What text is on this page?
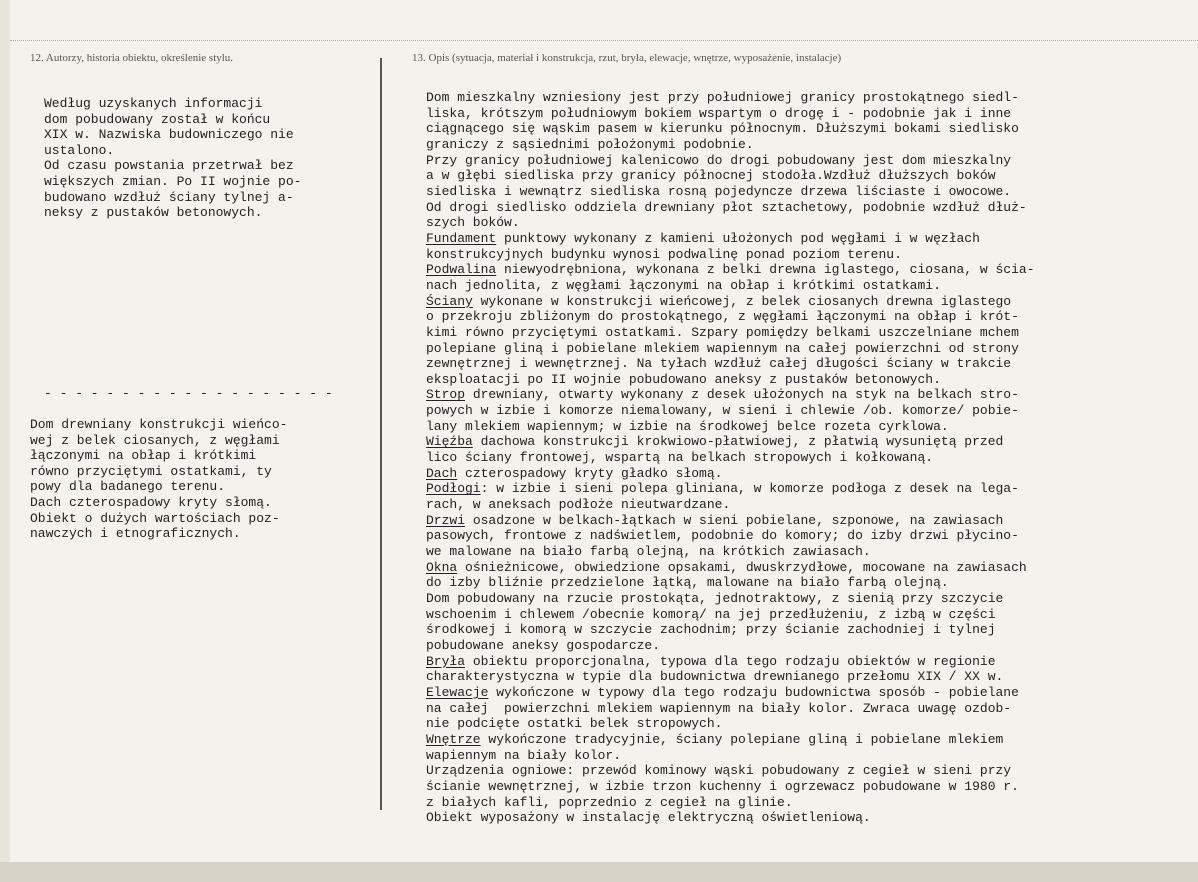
12. Autorzy, historia obiektu, określenie stylu.	13. Opis (sytuacja, materiał i konstrukcja, rzut, bryła, elewacje, wnętrze, wyposażenie, instalacje)
Według uzyskanych informacji
dom pobudowany został w końcu
XIX w. Nazwiska budowniczego nie
ustalono.
Od czasu powstania przetrwał bez
większych zmian. Po II wojnie po-
budowano wzdłuż ściany tylnej a-
neksy z pustaków betonowych.
- - - - - - - - - - - - - - - - - - -
Dom drewniany konstrukcji wieńco-
wej z belek ciosanych, z węgłami
łączonymi na obłap i krótkimi
równo przyciętymi ostatkami, ty
powy dla badanego terenu.
Dach czterospadowy kryty słomą.
Obiekt o dużych wartościach poz-
nawczych i etnograficznych.
Dom mieszkalny wzniesiony jest przy południowej granicy prostokątnego siedl-
liska, krótszym południowym bokiem wspartym o drogę i - podobnie jak i inne
ciągnącego się wąskim pasem w kierunku północnym. Dłuższymi bokami siedlisko
graniczy z sąsiednimi położonymi podobnie.
Przy granicy południowej kalenicowo do drogi pobudowany jest dom mieszkalny
a w głębi siedliska przy granicy północnej stodoła.Wzdłuż dłuższych boków
siedliska i wewnątrz siedliska rosną pojedyncze drzewa liściaste i owocowe.
Od drogi siedlisko oddziela drewniany płot sztachetowy, podobnie wzdłuż dłuż-
szych boków.
Fundament punktowy wykonany z kamieni ułożonych pod węgłami i w węzłach
konstrukcyjnych budynku wynosi podwalinę ponad poziom terenu.
Podwalina niewyodrębniona, wykonana z belki drewna iglastego, ciosana, w ścia-
nach jednolita, z węgłami łączonymi na obłap i krótkimi ostatkami.
Ściany wykonane w konstrukcji wieńcowej, z belek ciosanych drewna iglastego
o przekroju zbliżonym do prostokątnego, z węgłami łączonymi na obłap i krót-
kimi równo przyciętymi ostatkami. Szpary pomiędzy belkami uszczelniane mchem
polepiane gliną i pobielane mlekiem wapiennym na całej powierzchni od strony
zewnętrznej i wewnętrznej. Na tyłach wzdłuż całej długości ściany w trakcie
eksploatacji po II wojnie pobudowano aneksy z pustaków betonowych.
Strop drewniany, otwarty wykonany z desek ułożonych na styk na belkach stro-
powych w izbie i komorze niemalowany, w sieni i chlewie /ob. komorze/ pobie-
lany mlekiem wapiennym; w izbie na środkowej belce rozeta cyrklowa.
Więźba dachowa konstrukcji krokwiowo-płatwiowej, z płatwią wysuniętą przed
lico ściany frontowej, wspartą na belkach stropowych i kołkowaną.
Dach czterospadowy kryty gładko słomą.
Podłogi: w izbie i sieni polepa gliniana, w komorze podłoga z desek na lega-
rach, w aneksach podłoże nieutwardzane.
Drzwi osadzone w belkach-łątkach w sieni pobielane, szponowe, na zawiasach
pasowych, frontowe z nadświetlem, podobnie do komory; do izby drzwi płycino-
we malowane na biało farbą olejną, na krótkich zawiasach.
Okna ośnieżnicowe, obwiedzione opsakami, dwuskrzydłowe, mocowane na zawiasach
do izby bliźnie przedzielone łątką, malowane na biało farbą olejną.
Dom pobudowany na rzucie prostokąta, jednotraktowy, z sienią przy szczycie
wschoenim i chlewem /obecnie komorą/ na jej przedłużeniu, z izbą w części
środkowej i komorą w szczycie zachodnim; przy ścianie zachodniej i tylnej
pobudowane aneksy gospodarcze.
Bryła obiektu proporcjonalna, typowa dla tego rodzaju obiektów w regionie
charakterystyczna w typie dla budownictwa drewnianego przełomu XIX / XX w.
Elewacje wykończone w typowy dla tego rodzaju budownictwa sposób - pobielane
na całej  powierzchni mlekiem wapiennym na biały kolor. Zwraca uwagę ozdob-
nie podcięte ostatki belek stropowych.
Wnętrze wykończone tradycyjnie, ściany polepiane gliną i pobielane mlekiem
wapiennym na biały kolor.
Urządzenia ogniowe: przewód kominowy wąski pobudowany z cegieł w sieni przy
ścianie wewnętrznej, w izbie trzon kuchenny i ogrzewacz pobudowane w 1980 r.
z białych kafli, poprzednio z cegieł na glinie.
Obiekt wyposażony w instalację elektryczną oświetleniową.
